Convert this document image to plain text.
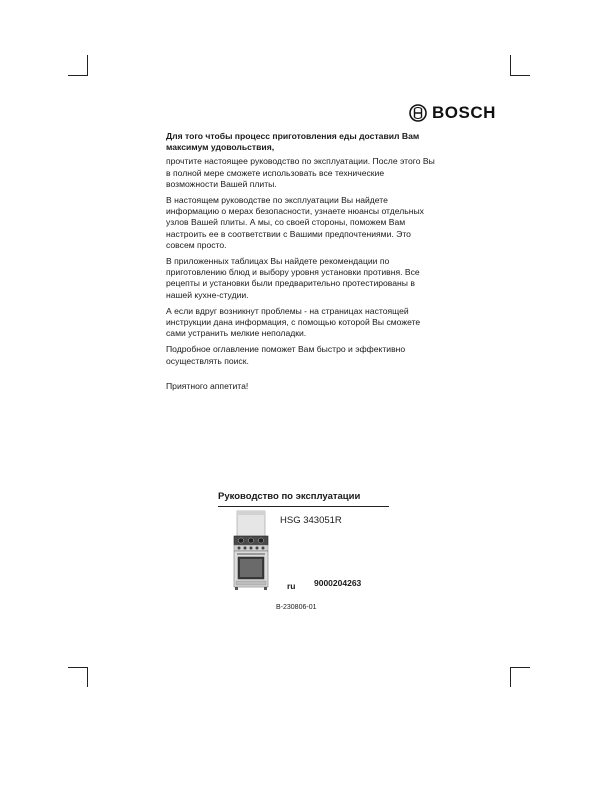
BOSCH

Для того чтобы процесс приготовления еды доставил Вам максимум удовольствия,

прочтите настоящее руководство по эксплуатации. После этого Вы в полной мере сможете использовать все технические возможности Вашей плиты.

В настоящем руководстве по эксплуатации Вы найдете информацию о мерах безопасности, узнаете нюансы отдельных узлов Вашей плиты. А мы, со своей стороны, поможем Вам настроить ее в соответствии с Вашими предпочтениями. Это совсем просто.

В приложенных таблицах Вы найдете рекомендации по приготовлению блюд и выбору уровня установки противня. Все рецепты и установки были предварительно протестированы в нашей кухне-студии.

А если вдруг возникнут проблемы - на страницах настоящей инструкции дана информация, с помощью которой Вы сможете сами устранить мелкие неполадки.

Подробное оглавление поможет Вам быстро и эффективно осуществлять поиск.

Приятного аппетита!

Руководство по эксплуатации
HSG 343051R
ru 9000204263
B-230806-01
